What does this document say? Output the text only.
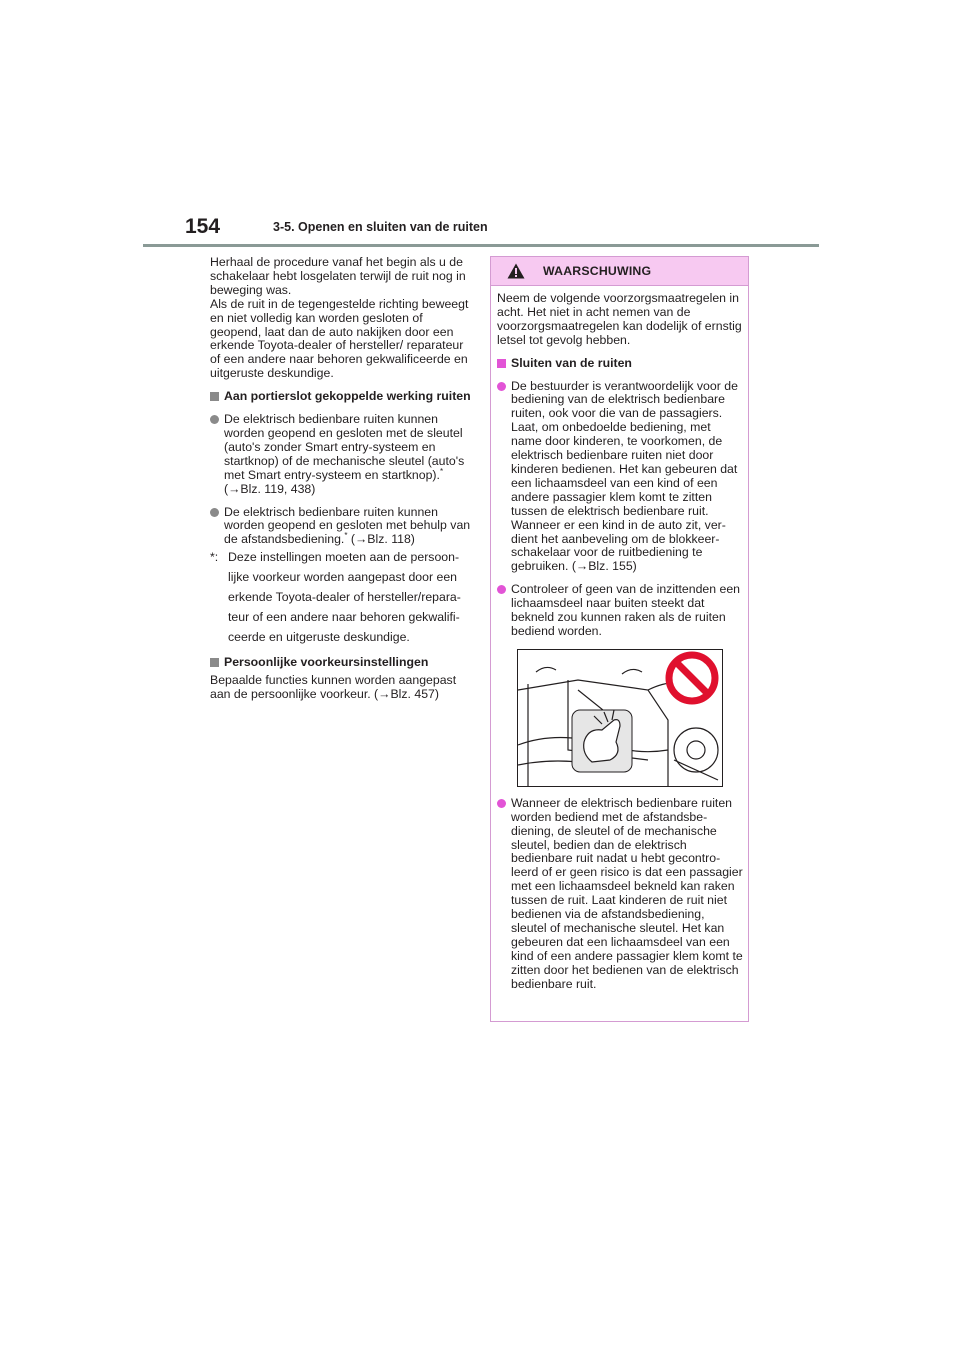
154	3-5. Openen en sluiten van de ruiten

Herhaal de procedure vanaf het begin als u de schakelaar hebt losgelaten terwijl de ruit nog in beweging was.

Als de ruit in de tegengestelde richting beweegt en niet volledig kan worden gesloten of geopend, laat dan de auto nakijken door een erkende Toyota-dealer of hersteller/ reparateur of een andere naar behoren gekwalificeerde en uitgeruste deskundige.

Aan portierslot gekoppelde werking ruiten
De elektrisch bedienbare ruiten kunnen worden geopend en gesloten met de sleutel (auto's zonder Smart entry-systeem en startknop) of de mechanische sleutel (auto's met Smart entry-systeem en startknop).* (→Blz. 119, 438)
De elektrisch bedienbare ruiten kunnen worden geopend en gesloten met behulp van de afstandsbediening.* (→Blz. 118)
*: Deze instellingen moeten aan de persoonlijke voorkeur worden aangepast door een erkende Toyota-dealer of hersteller/reparateur of een andere naar behoren gekwalificeerde en uitgeruste deskundige.
Persoonlijke voorkeursinstellingen

Bepaalde functies kunnen worden aangepast aan de persoonlijke voorkeur. (→Blz. 457)

WAARSCHUWING

Neem de volgende voorzorgsmaatregelen in acht. Het niet in acht nemen van de voorzorgsmaatregelen kan dodelijk of ernstig letsel tot gevolg hebben.

Sluiten van de ruiten
De bestuurder is verantwoordelijk voor de bediening van de elektrisch bedienbare ruiten, ook voor die van de passagiers. Laat, om onbedoelde bediening, met name door kinderen, te voorkomen, de elektrisch bedienbare ruiten niet door kinderen bedienen. Het kan gebeuren dat een lichaamsdeel van een kind of een andere passagier klem komt te zitten tussen de elektrisch bedienbare ruit. Wanneer er een kind in de auto zit, verdient het aanbeveling om de blokkeerschakelaar voor de ruitbediening te gebruiken. (→Blz. 155)
Controleer of geen van de inzittenden een lichaamsdeel naar buiten steekt dat bekneld zou kunnen raken als de ruiten bediend worden.
Wanneer de elektrisch bedienbare ruiten worden bediend met de afstandsbediening, de sleutel of de mechanische sleutel, bedien dan de elektrisch bedienbare ruit nadat u hebt gecontroleerd of er geen risico is dat een passagier met een lichaamsdeel bekneld kan raken tussen de ruit. Laat kinderen de ruit niet bedienen via de afstandsbediening, sleutel of mechanische sleutel. Het kan gebeuren dat een lichaamsdeel van een kind of een andere passagier klem komt te zitten door het bedienen van de elektrisch bedienbare ruit.
